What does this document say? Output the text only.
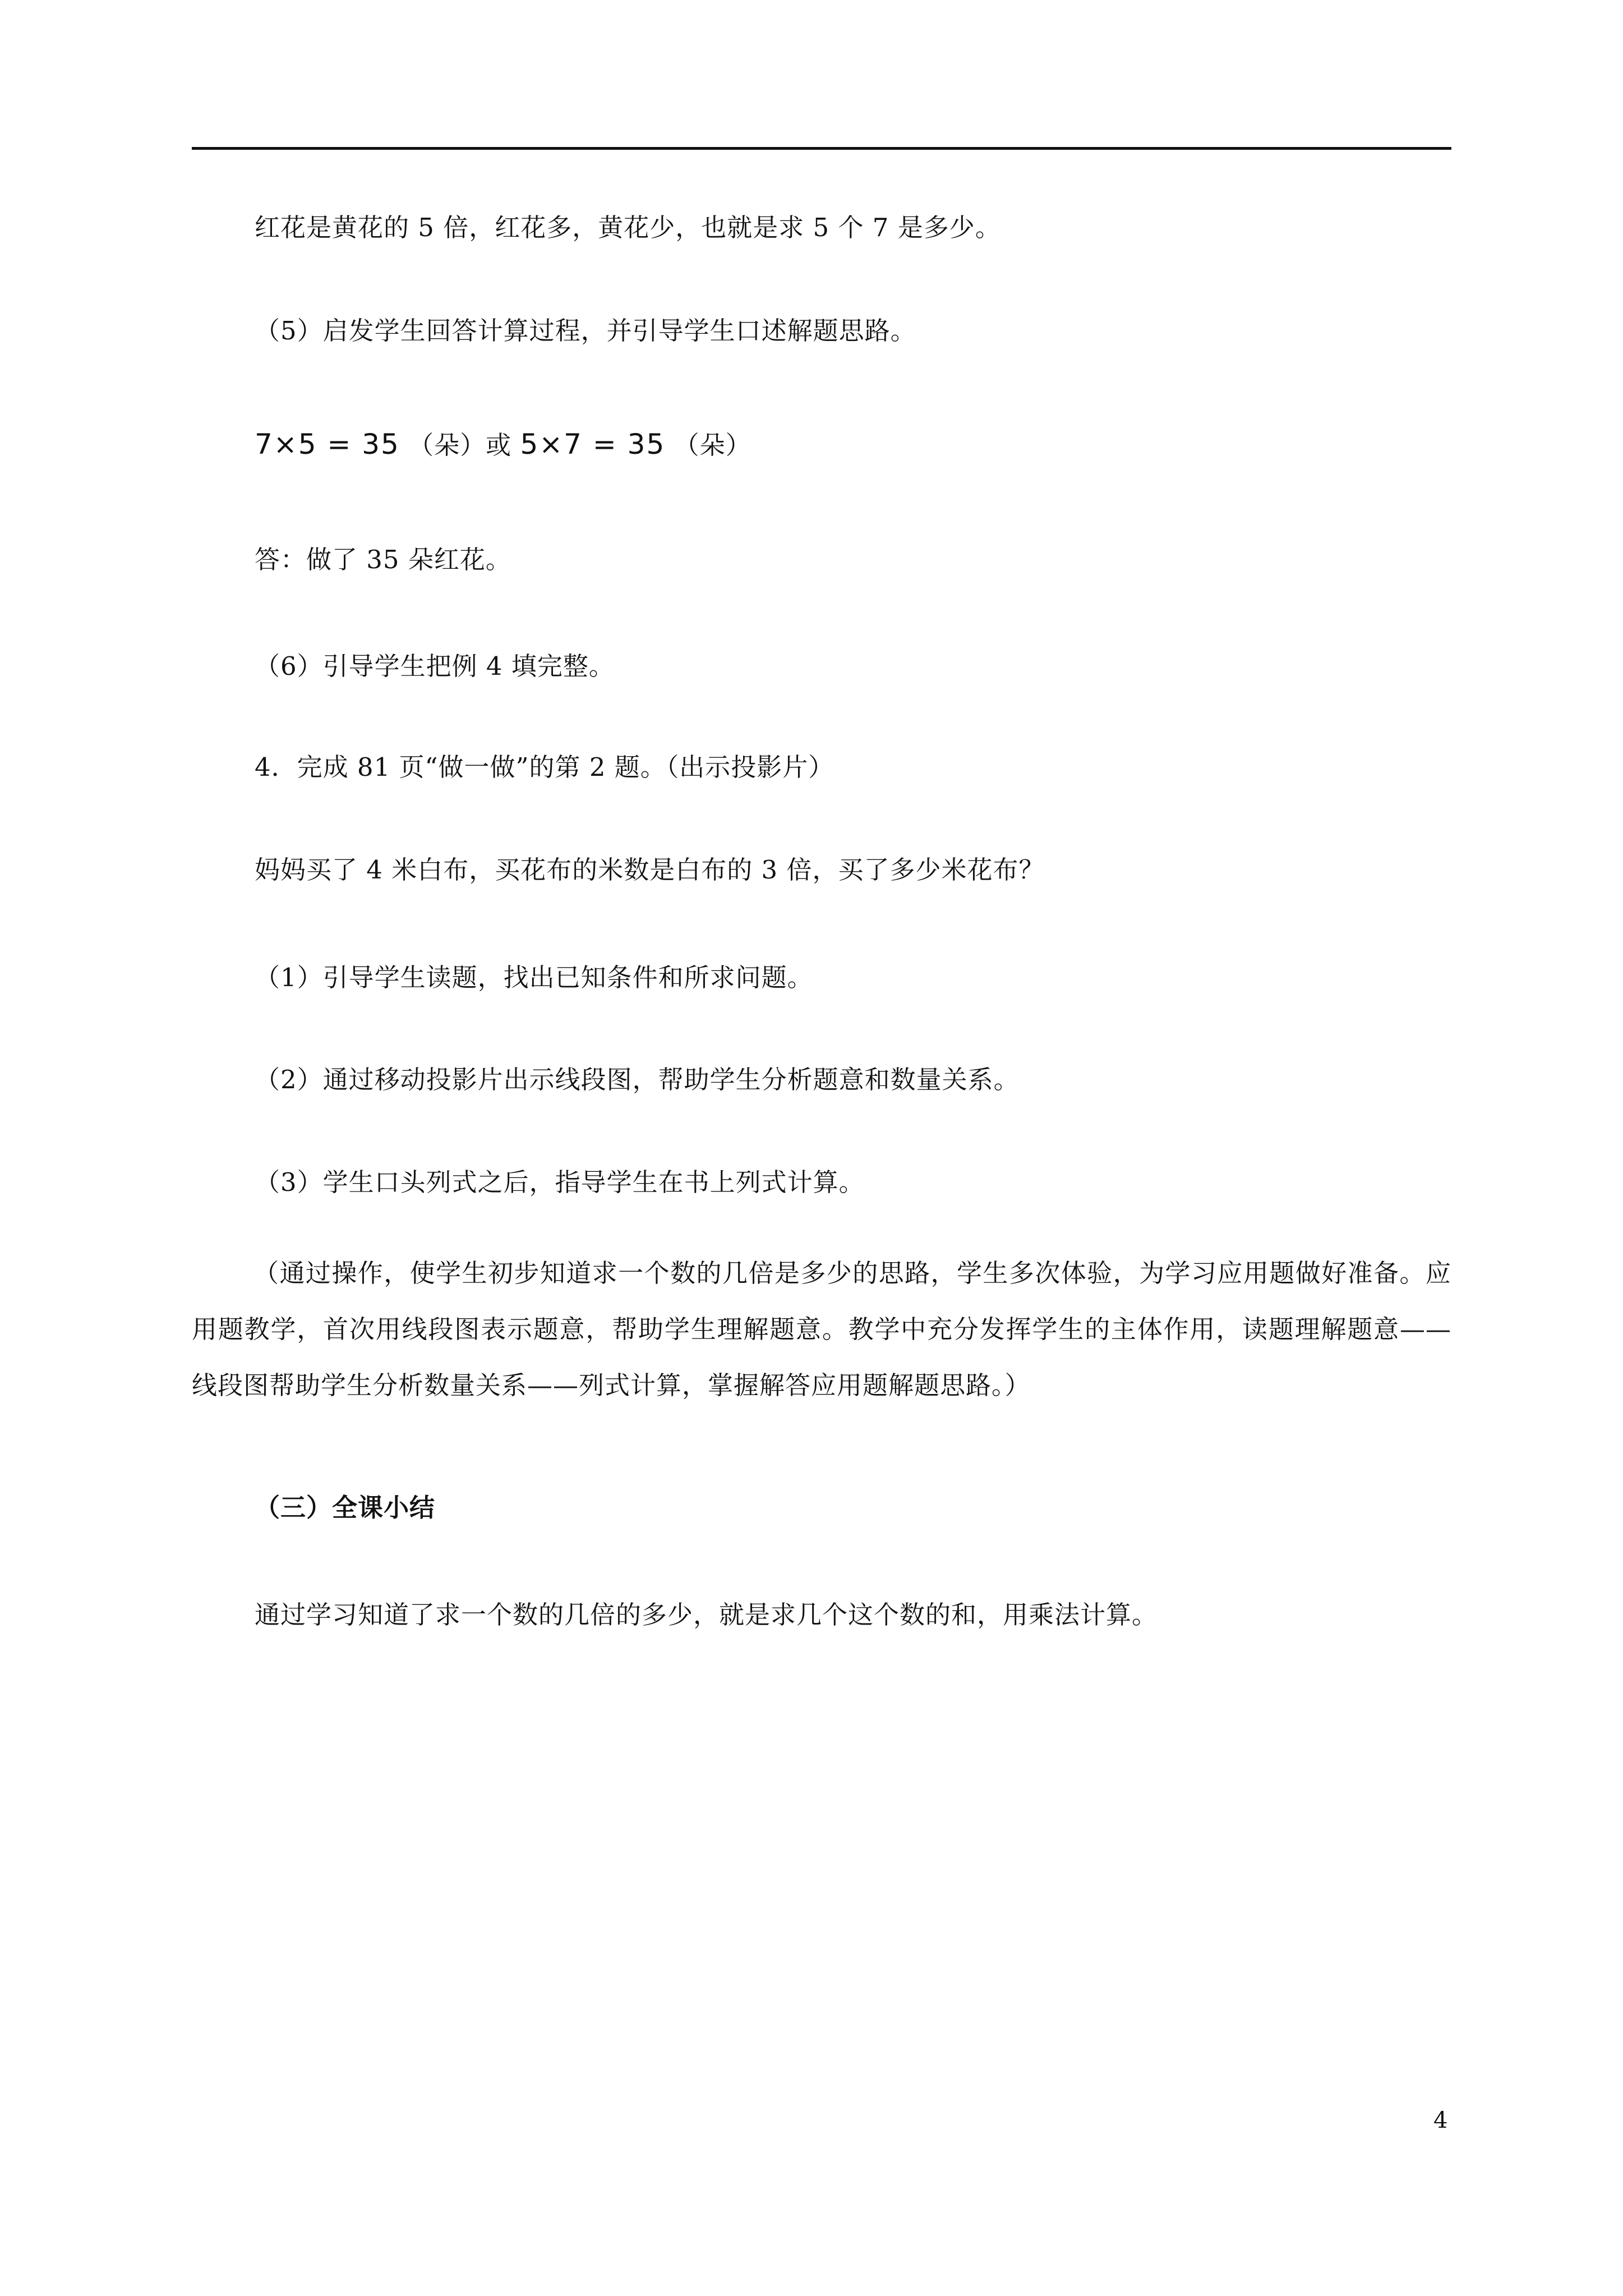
红花是黄花的 5 倍，红花多，黄花少，也就是求 5 个 7 是多少。
（5）启发学生回答计算过程，并引导学生口述解题思路。
7×5 = 35 （朵）或 5×7 = 35 （朵）
答：做了 35 朵红花。
（6）引导学生把例 4 填完整。
4．完成 81 页“做一做”的第 2 题。（出示投影片）
妈妈买了 4 米白布，买花布的米数是白布的 3 倍，买了多少米花布？
（1）引导学生读题，找出已知条件和所求问题。
（2）通过移动投影片出示线段图，帮助学生分析题意和数量关系。
（3）学生口头列式之后，指导学生在书上列式计算。
（通过操作，使学生初步知道求一个数的几倍是多少的思路，学生多次体验，为学习应用题做好准备。应用题教学，首次用线段图表示题意，帮助学生理解题意。教学中充分发挥学生的主体作用，读题理解题意——线段图帮助学生分析数量关系——列式计算，掌握解答应用题解题思路。）
（三）全课小结
通过学习知道了求一个数的几倍的多少，就是求几个这个数的和，用乘法计算。
4
